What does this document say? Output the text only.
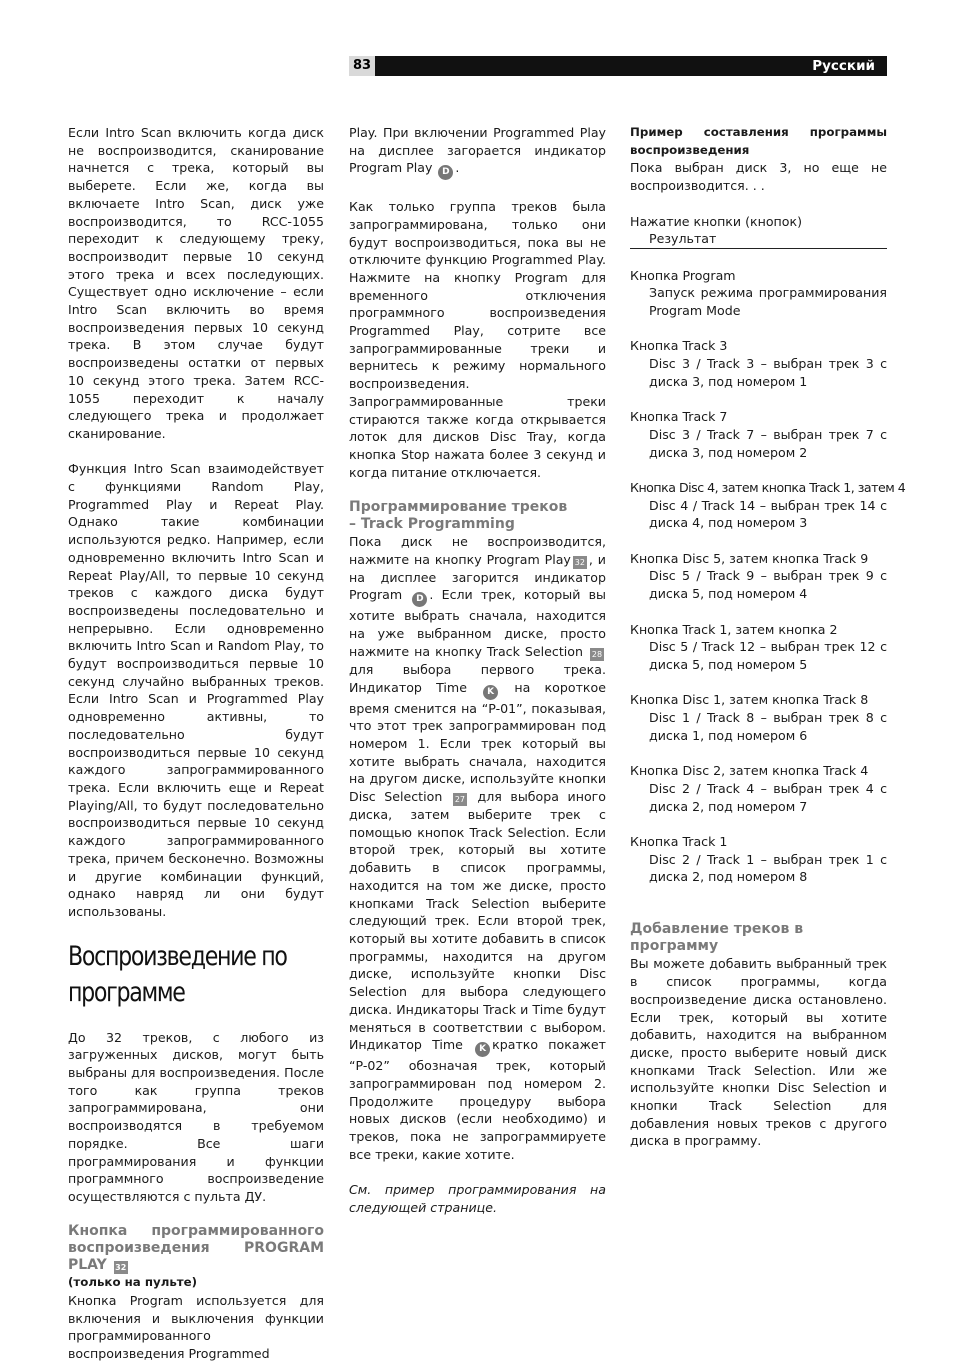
Русский
83

Если Intro Scan включить когда диск не воспроизводится, сканирование начнется с трека, который вы выберете. Если же, когда вы включаете Intro Scan, диск уже воспроизводится, то RCC-1055 переходит к следующему треку, воспроизводит первые 10 секунд этого трека и всех последующих. Существует одно исключение – если Intro Scan включить во время воспроизведения первых 10 секунд трека. В этом случае будут воспроизведены остатки от первых 10 секунд этого трека. Затем RCC-1055 переходит к началу следующего трека и продолжает сканирование.

Функция Intro Scan взаимодействует с функциями Random Play, Programmed Play и Repeat Play. Однако такие комбинации используются редко. Например, если одновременно включить Intro Scan и Repeat Play/All, то первые 10 секунд треков с каждого диска будут воспроизведены последовательно и непрерывно. Если одновременно включить Intro Scan и Random Play, то будут воспроизводиться первые 10 секунд случайно выбранных треков. Если Intro Scan и Programmed Play одновременно активны, то последовательно будут воспроизводиться первые 10 секунд каждого запрограммированного трека. Если включить еще и Repeat Playing/All, то будут последовательно воспроизводиться первые 10 секунд каждого запрограммированного трека, причем бесконечно. Возможны и другие комбинации функций, однако навряд ли они будут использованы.

Воспроизведение по
программе

До 32 треков, с любого из загруженных дисков, могут быть выбраны для воспроизведения. После того как группа треков запрограммирована, они воспроизводятся в требуемом порядке. Все шаги программирования и функции программного воспроизведение осуществляются с пульта ДУ.

Кнопка программированного воспроизведения PROGRAM PLAY 32

(только на пульте)

Кнопка Program используется для включения и выключения функции программированного воспроизведения Programmed

Play. При включении Programmed Play на дисплее загорается индикатор Program Play D .

Как только группа треков была запрограммирована, только они будут воспроизводиться, пока вы не отключите функцию Programmed Play. Нажмите на кнопку Program для временного отключения программного воспроизведения Programmed Play, сотрите все запрограммированные треки и вернитесь к режиму нормального воспроизведения. Запрограммированные треки стираются также когда открывается лоток для дисков Disc Tray, когда кнопка Stop нажата более 3 секунд и когда питание отключается.

Программирование треков
– Track Programming

Пока диск не воспроизводится, нажмите на кнопку Program Play 32 , и на дисплее загорится индикатор Program D . Если трек, который вы хотите выбрать сначала, находится на уже выбранном диске, просто нажмите на кнопку Track Selection 28 для выбора первого трека. Индикатор Time K на короткое время сменится на “P-01”, показывая, что этот трек запрограммирован под номером 1. Если трек который вы хотите выбрать сначала, находится на другом диске, используйте кнопки Disc Selection 27 для выбора иного диска, затем выберите трек с помощью кнопок Track Selection. Если второй трек, который вы хотите добавить в список программы, находится на том же диске, просто кнопками Track Selection выберите следующий трек. Если второй трек, который вы хотите добавить в список программы, находится на другом диске, используйте кнопки Disc Selection для выбора следующего диска. Индикаторы Track и Time будут меняться в соответствии с выбором. Индикатор Time K кратко покажет “P-02” обозначая трек, который запрограммирован под номером 2. Продолжите процедуру выбора новых дисков (если необходимо) и треков, пока не запрограммируете все треки, какие хотите.

См. пример программирования на следующей странице.

Пример составления программы воспроизведения

Пока выбран диск 3, но еще не воспроизводится. . .

Нажатие кнопки (кнопок)

Результат

Кнопка Program

Запуск режима программирования Program Mode

Кнопка Track 3

Disc 3 / Track 3 – выбран трек 3 с диска 3, под номером 1

Кнопка Track 7

Disc 3 / Track 7 – выбран трек 7 с диска 3, под номером 2

Кнопка Disc 4, затем кнопка Track 1, затем 4

Disc 4 / Track 14 – выбран трек 14 с диска 4, под номером 3

Кнопка Disc 5, затем кнопка Track 9

Disc 5 / Track 9 – выбран трек 9 с диска 5, под номером 4

Кнопка Track 1, затем кнопка 2

Disc 5 / Track 12 – выбран трек 12 с диска 5, под номером 5

Кнопка Disc 1, затем кнопка Track 8

Disc 1 / Track 8 – выбран трек 8 с диска 1, под номером 6

Кнопка Disc 2, затем кнопка Track 4

Disc 2 / Track 4 – выбран трек 4 с диска 2, под номером 7

Кнопка Track 1

Disc 2 / Track 1 – выбран трек 1 с диска 2, под номером 8

Добавление треков в
программу

Вы можете добавить выбранный трек в список программы, когда воспроизведение диска остановлено. Если трек, который вы хотите добавить, находится на выбранном диске, просто выберите новый диск кнопками Track Selection. Или же используйте кнопки Disc Selection и кнопки Track Selection для добавления новых треков с другого диска в программу.
